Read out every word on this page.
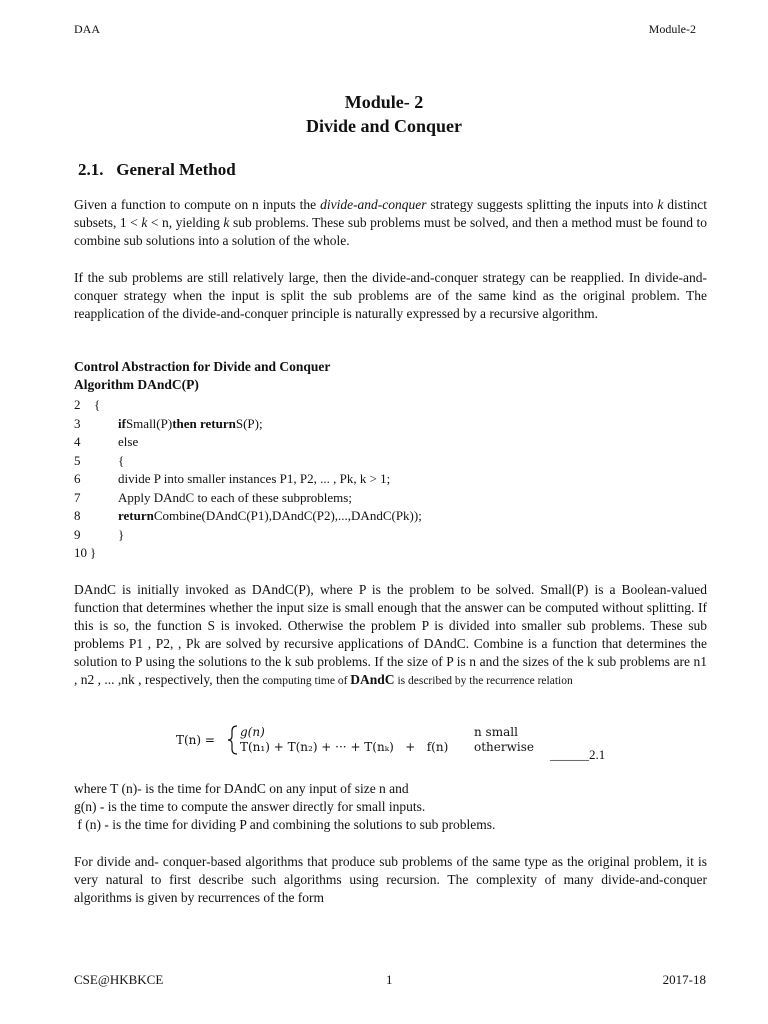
DAA	Module-2
Module- 2
Divide and Conquer
2.1. General Method

Given a function to compute on n inputs the divide-and-conquer strategy suggests splitting the inputs into k distinct subsets, 1 < k < n, yielding k sub problems. These sub problems must be solved, and then a method must be found to combine sub solutions into a solution of the whole.

If the sub problems are still relatively large, then the divide-and-conquer strategy can be reapplied. In divide-and-conquer strategy when the input is split the sub problems are of the same kind as the original problem. The reapplication of the divide-and-conquer principle is naturally expressed by a recursive algorithm.

Control Abstraction for Divide and Conquer
Algorithm DAndC(P)
2	{
3	if Small(P) then return S(P);
4	else
5	{
6	divide P into smaller instances P1, P2, ... , Pk, k > 1;
7	Apply DAndC to each of these subproblems;
8	return Combine(DAndC(P1),DAndC(P2),...,DAndC(Pk));
9	}
10 }

DAndC is initially invoked as DAndC(P), where P is the problem to be solved. Small(P) is a Boolean-valued function that determines whether the input size is small enough that the answer can be computed without splitting. If this is so, the function S is invoked. Otherwise the problem P is divided into smaller sub problems. These sub problems P1 , P2, , Pk are solved by recursive applications of DAndC. Combine is a function that determines the solution to P using the solutions to the k sub problems. If the size of P is n and the sizes of the k sub problems are n1 , n2 , ... ,nk , respectively, then the computing time of DAndC is described by the recurrence relation

T(n) =
g(n)	n small
T(n₁) + T(n₂) + ··· + T(nₖ)   +   f(n) otherwise ______2.1
where T (n)- is the time for DAndC on any input of size n and
g(n) - is the time to compute the answer directly for small inputs.
f (n) - is the time for dividing P and combining the solutions to sub problems.

For divide and- conquer-based algorithms that produce sub problems of the same type as the original problem, it is very natural to first describe such algorithms using recursion. The complexity of many divide-and-conquer algorithms is given by recurrences of the form

CSE@HKBKCE	1	2017-18
